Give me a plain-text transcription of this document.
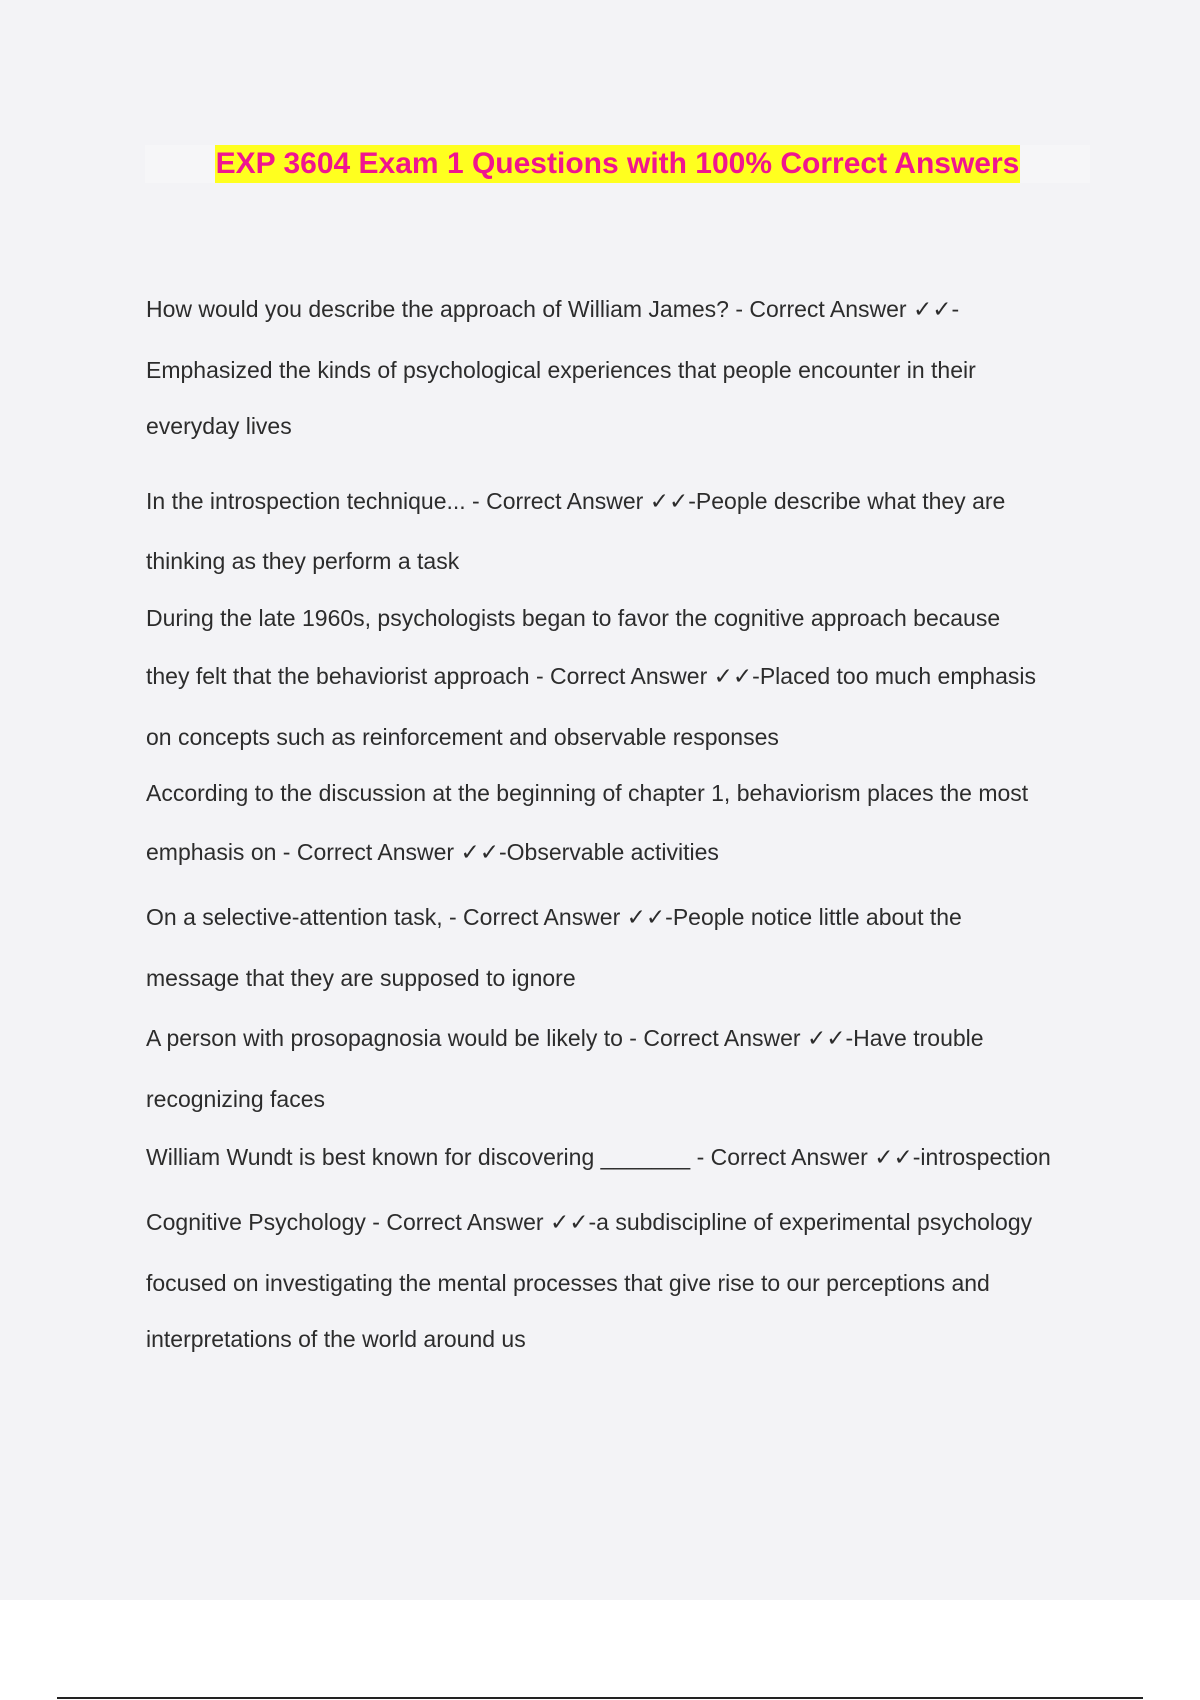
EXP 3604 Exam 1 Questions with 100% Correct Answers
How would you describe the approach of William James? - Correct Answer ✓✓-
Emphasized the kinds of psychological experiences that people encounter in their
everyday lives
In the introspection technique... - Correct Answer ✓✓-People describe what they are
thinking as they perform a task
During the late 1960s, psychologists began to favor the cognitive approach because
they felt that the behaviorist approach - Correct Answer ✓✓-Placed too much emphasis
on concepts such as reinforcement and observable responses
According to the discussion at the beginning of chapter 1, behaviorism places the most
emphasis on - Correct Answer ✓✓-Observable activities
On a selective-attention task, - Correct Answer ✓✓-People notice little about the
message that they are supposed to ignore
A person with prosopagnosia would be likely to - Correct Answer ✓✓-Have trouble
recognizing faces
William Wundt is best known for discovering _______ - Correct Answer ✓✓-introspection
Cognitive Psychology - Correct Answer ✓✓-a subdiscipline of experimental psychology
focused on investigating the mental processes that give rise to our perceptions and
interpretations of the world around us
